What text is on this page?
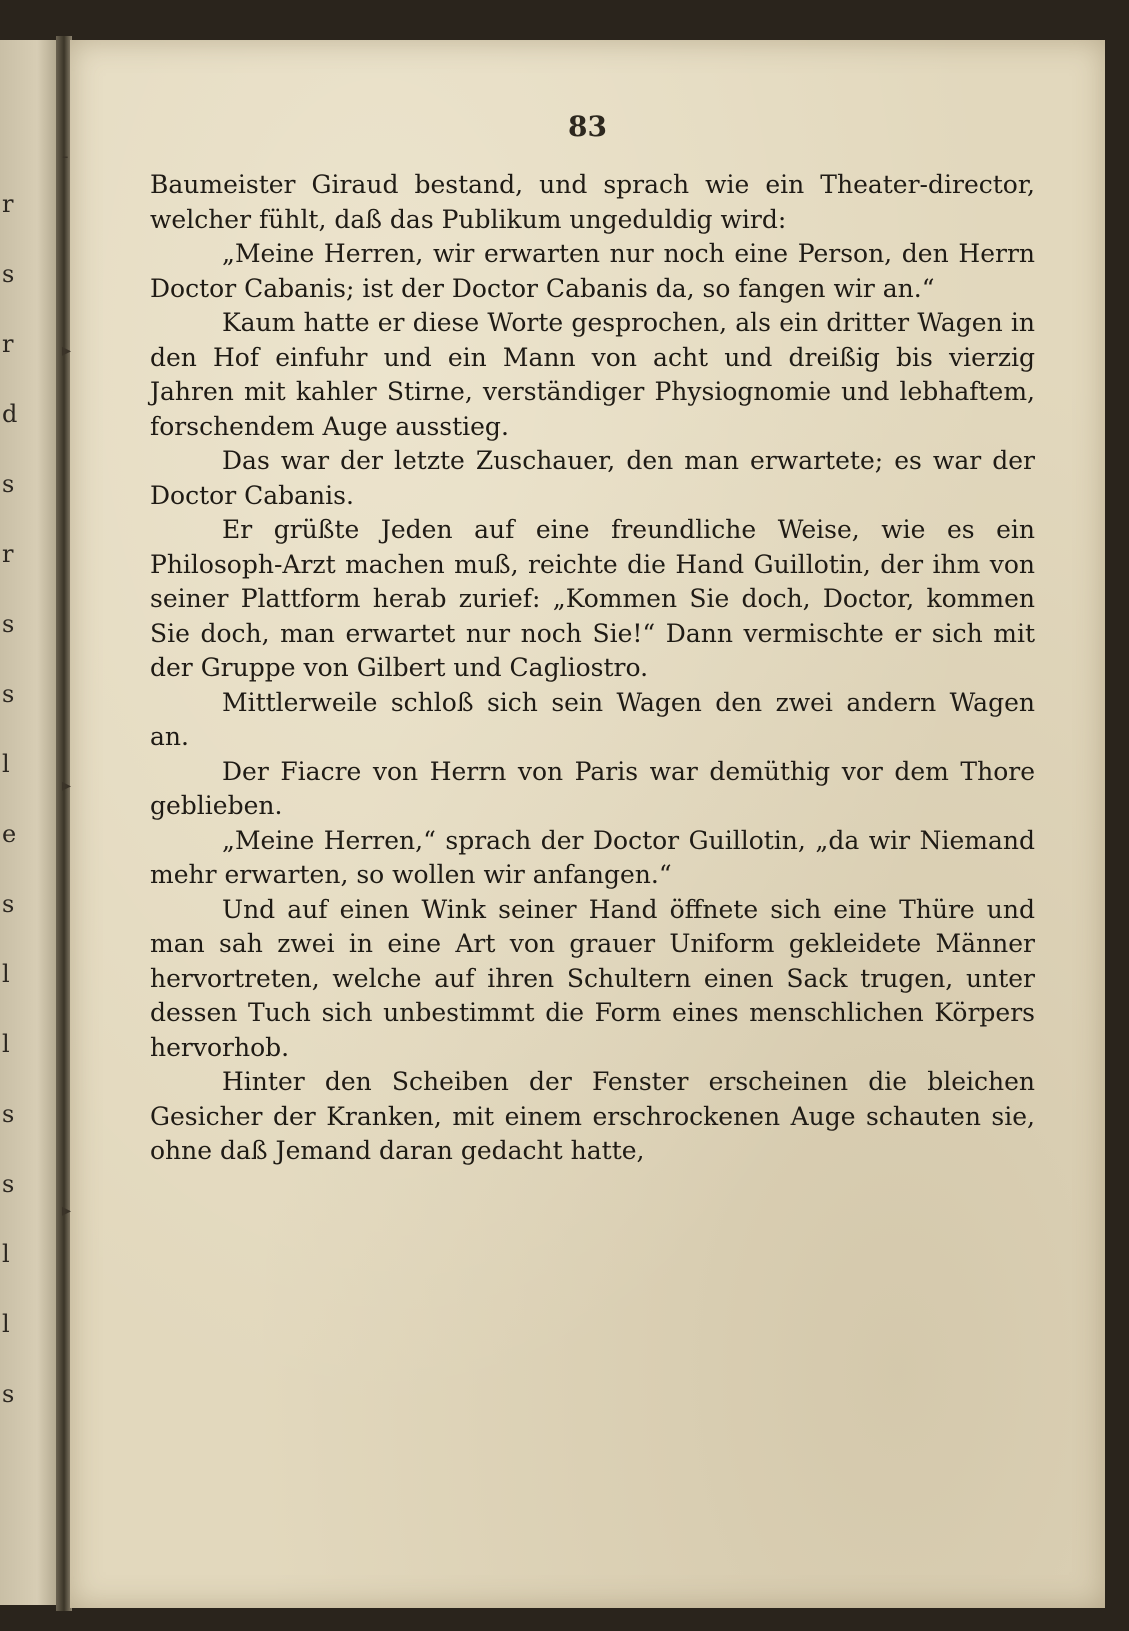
r
s
r
d
s
r
s
s
l
e
s
l
l
s
s
l
l
s
-
▸
▸
▸
83

Baumeister Giraud bestand, und sprach wie ein Theater-director, welcher fühlt, daß das Publikum ungeduldig wird:

„Meine Herren, wir erwarten nur noch eine Person, den Herrn Doctor Cabanis; ist der Doctor Cabanis da, so fangen wir an.“

Kaum hatte er diese Worte gesprochen, als ein dritter Wagen in den Hof einfuhr und ein Mann von acht und dreißig bis vierzig Jahren mit kahler Stirne, verständiger Physiognomie und lebhaftem, forschendem Auge ausstieg.

Das war der letzte Zuschauer, den man erwartete; es war der Doctor Cabanis.

Er grüßte Jeden auf eine freundliche Weise, wie es ein Philosoph-Arzt machen muß, reichte die Hand Guillotin, der ihm von seiner Plattform herab zurief: „Kommen Sie doch, Doctor, kommen Sie doch, man erwartet nur noch Sie!“ Dann vermischte er sich mit der Gruppe von Gilbert und Cagliostro.

Mittlerweile schloß sich sein Wagen den zwei andern Wagen an.

Der Fiacre von Herrn von Paris war demüthig vor dem Thore geblieben.

„Meine Herren,“ sprach der Doctor Guillotin, „da wir Niemand mehr erwarten, so wollen wir anfangen.“

Und auf einen Wink seiner Hand öffnete sich eine Thüre und man sah zwei in eine Art von grauer Uniform gekleidete Männer hervortreten, welche auf ihren Schultern einen Sack trugen, unter dessen Tuch sich unbestimmt die Form eines menschlichen Körpers hervorhob.

Hinter den Scheiben der Fenster erscheinen die bleichen Gesicher der Kranken, mit einem erschrockenen Auge schauten sie, ohne daß Jemand daran gedacht hatte,
